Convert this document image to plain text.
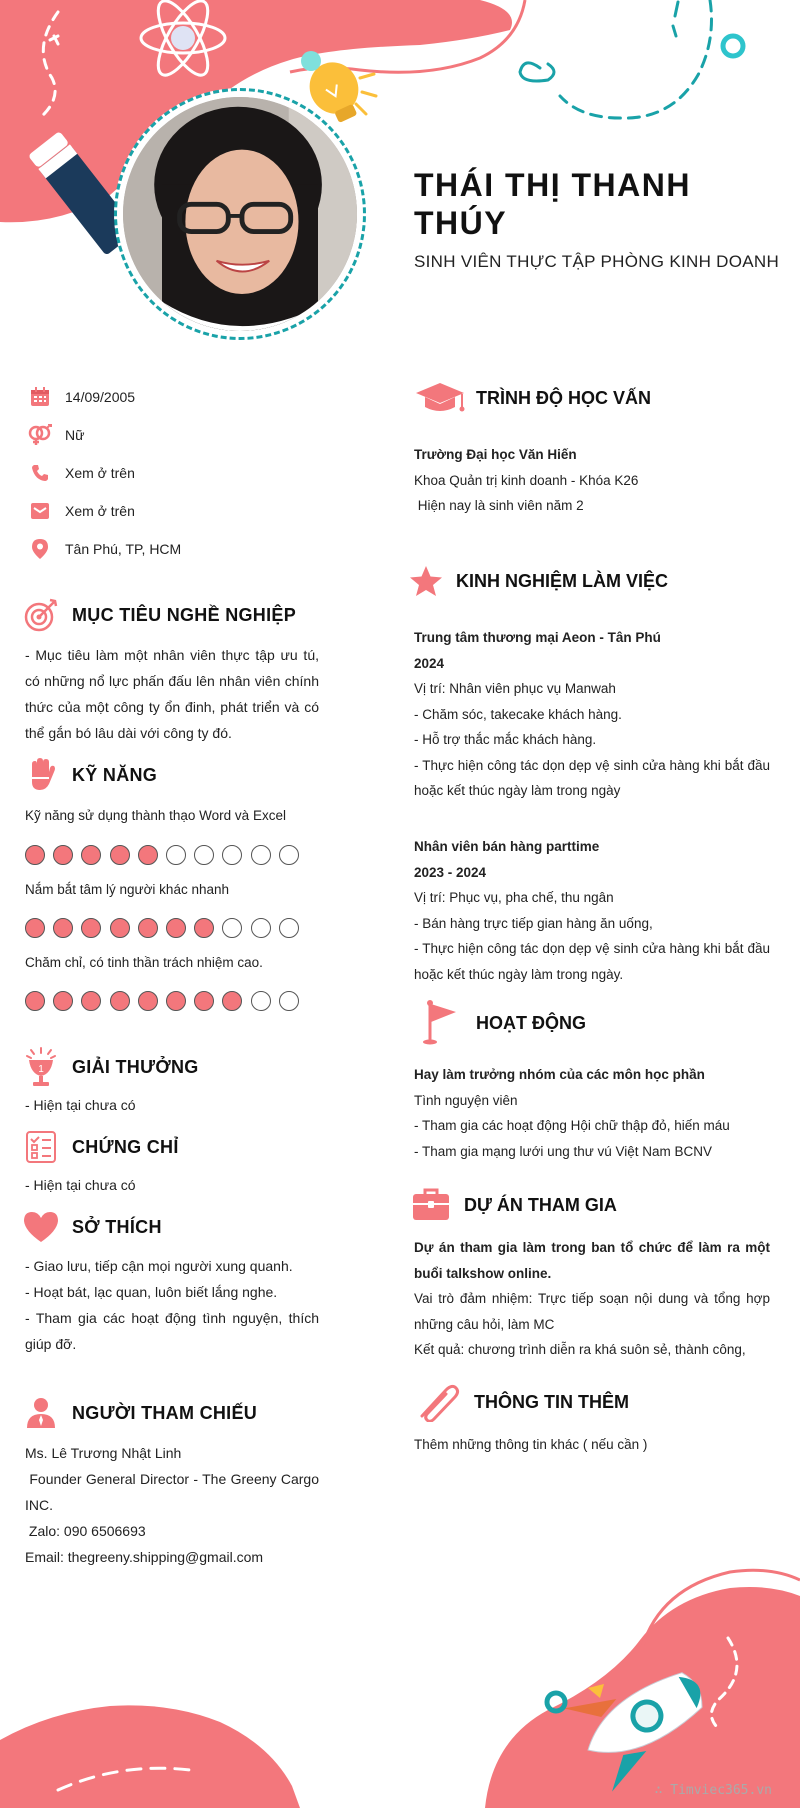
THÁI THỊ THANH THÚY
SINH VIÊN THỰC TẬP PHÒNG KINH DOANH
14/09/2005
Nữ
Xem ở trên
Xem ở trên
Tân Phú, TP, HCM
MỤC TIÊU NGHỀ NGHIỆP
- Mục tiêu làm một nhân viên thực tập ưu tú, có những nổ lực phấn đấu lên nhân viên chính thức của một công ty ổn đinh, phát triển và có thể gắn bó lâu dài với công ty đó.
KỸ NĂNG
Kỹ năng sử dụng thành thạo Word và Excel
Nắm bắt tâm lý người khác nhanh
Chăm chỉ, có tinh thần trách nhiệm cao.
1 GIẢI THƯỞNG
- Hiện tại chưa có
CHỨNG CHỈ
- Hiện tại chưa có
SỞ THÍCH
- Giao lưu, tiếp cận mọi người xung quanh.
- Hoạt bát, lạc quan, luôn biết lắng nghe.
- Tham gia các hoạt động tình nguyện, thích giúp đỡ.
NGƯỜI THAM CHIẾU
Ms. Lê Trương Nhật Linh
Founder General Director - The Greeny Cargo INC.
Zalo: 090 6506693
Email: thegreeny.shipping@gmail.com
TRÌNH ĐỘ HỌC VẤN
Trường Đại học Văn Hiến
Khoa Quản trị kinh doanh - Khóa K26
Hiện nay là sinh viên năm 2
KINH NGHIỆM LÀM VIỆC
Trung tâm thương mại Aeon - Tân Phú
2024
Vị trí: Nhân viên phục vụ Manwah
- Chăm sóc, takecake khách hàng.
- Hỗ trợ thắc mắc khách hàng.
- Thực hiện công tác dọn dẹp vệ sinh cửa hàng khi bắt đầu hoặc kết thúc ngày làm trong ngày
Nhân viên bán hàng parttime
2023 - 2024
Vị trí: Phục vụ, pha chế, thu ngân
- Bán hàng trực tiếp gian hàng ăn uống,
- Thực hiện công tác dọn dẹp vệ sinh cửa hàng khi bắt đầu hoặc kết thúc ngày làm trong ngày.
HOẠT ĐỘNG
Hay làm trưởng nhóm của các môn học phần
Tình nguyện viên
- Tham gia các hoạt động Hội chữ thập đỏ, hiến máu
- Tham gia mạng lưới ung thư vú Việt Nam BCNV
DỰ ÁN THAM GIA
Dự án tham gia làm trong ban tổ chức để làm ra một buổi talkshow online.
Vai trò đảm nhiệm: Trực tiếp soạn nội dung và tổng hợp những câu hỏi, làm MC
Kết quả: chương trình diễn ra khá suôn sẻ, thành công,
THÔNG TIN THÊM
Thêm những thông tin khác ( nếu cần )
∴ Timviec365.vn
